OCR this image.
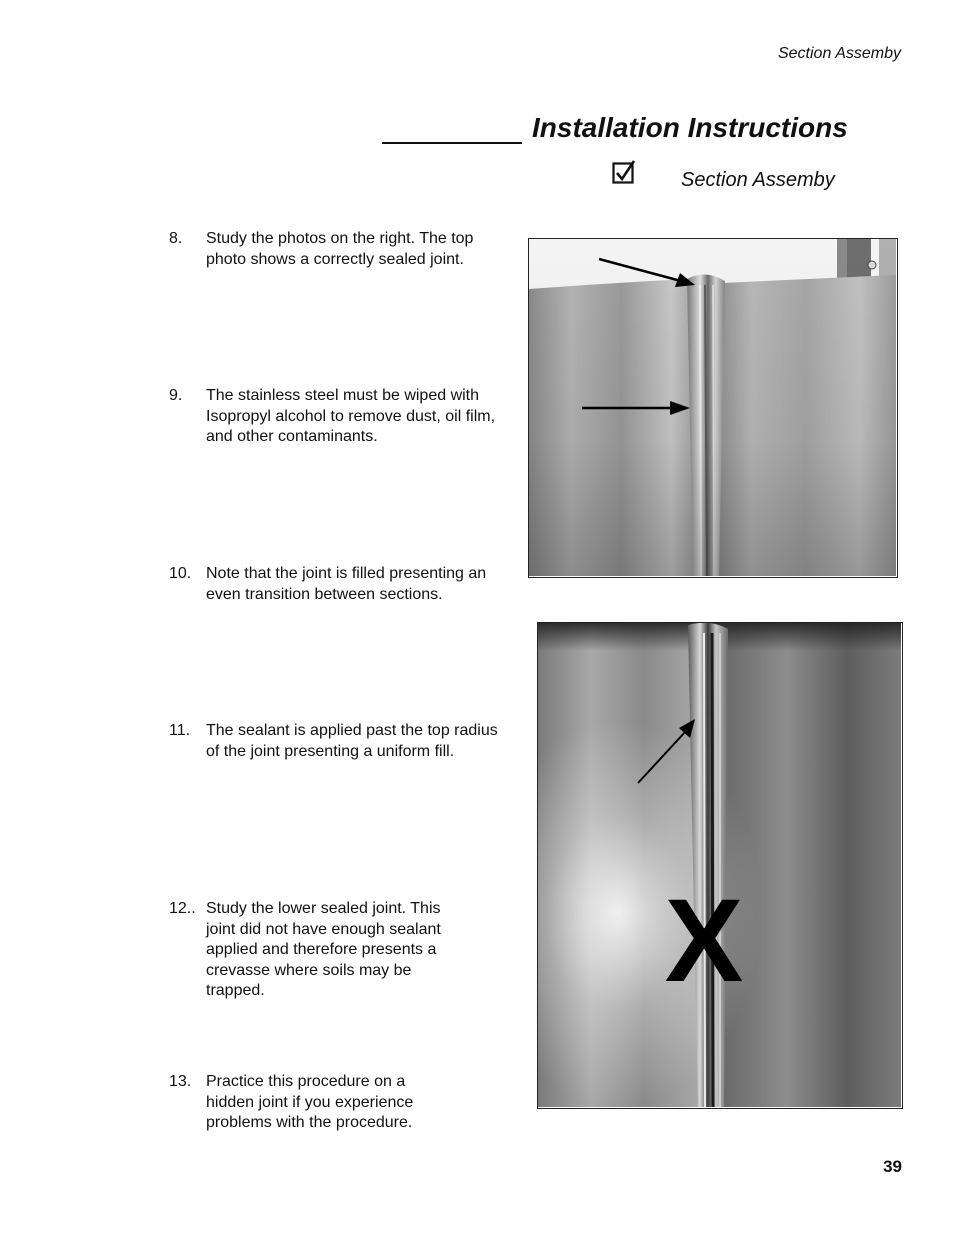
Section Assemby
Installation Instructions
Section Assemby
8. Study the photos on the right. The top photo shows a correctly sealed joint.
9. The stainless steel must be wiped with Isopropyl alcohol to remove dust, oil film, and other contaminants.
10. Note that the joint is filled presenting an even transition between sections.
11. The sealant is applied past the top radius of the joint presenting a uniform fill.
12.. Study the lower sealed joint. This joint did not have enough sealant applied and therefore presents a crevasse where soils may be trapped.
13. Practice this procedure on a hidden joint if you experience problems with the procedure.
X
39
